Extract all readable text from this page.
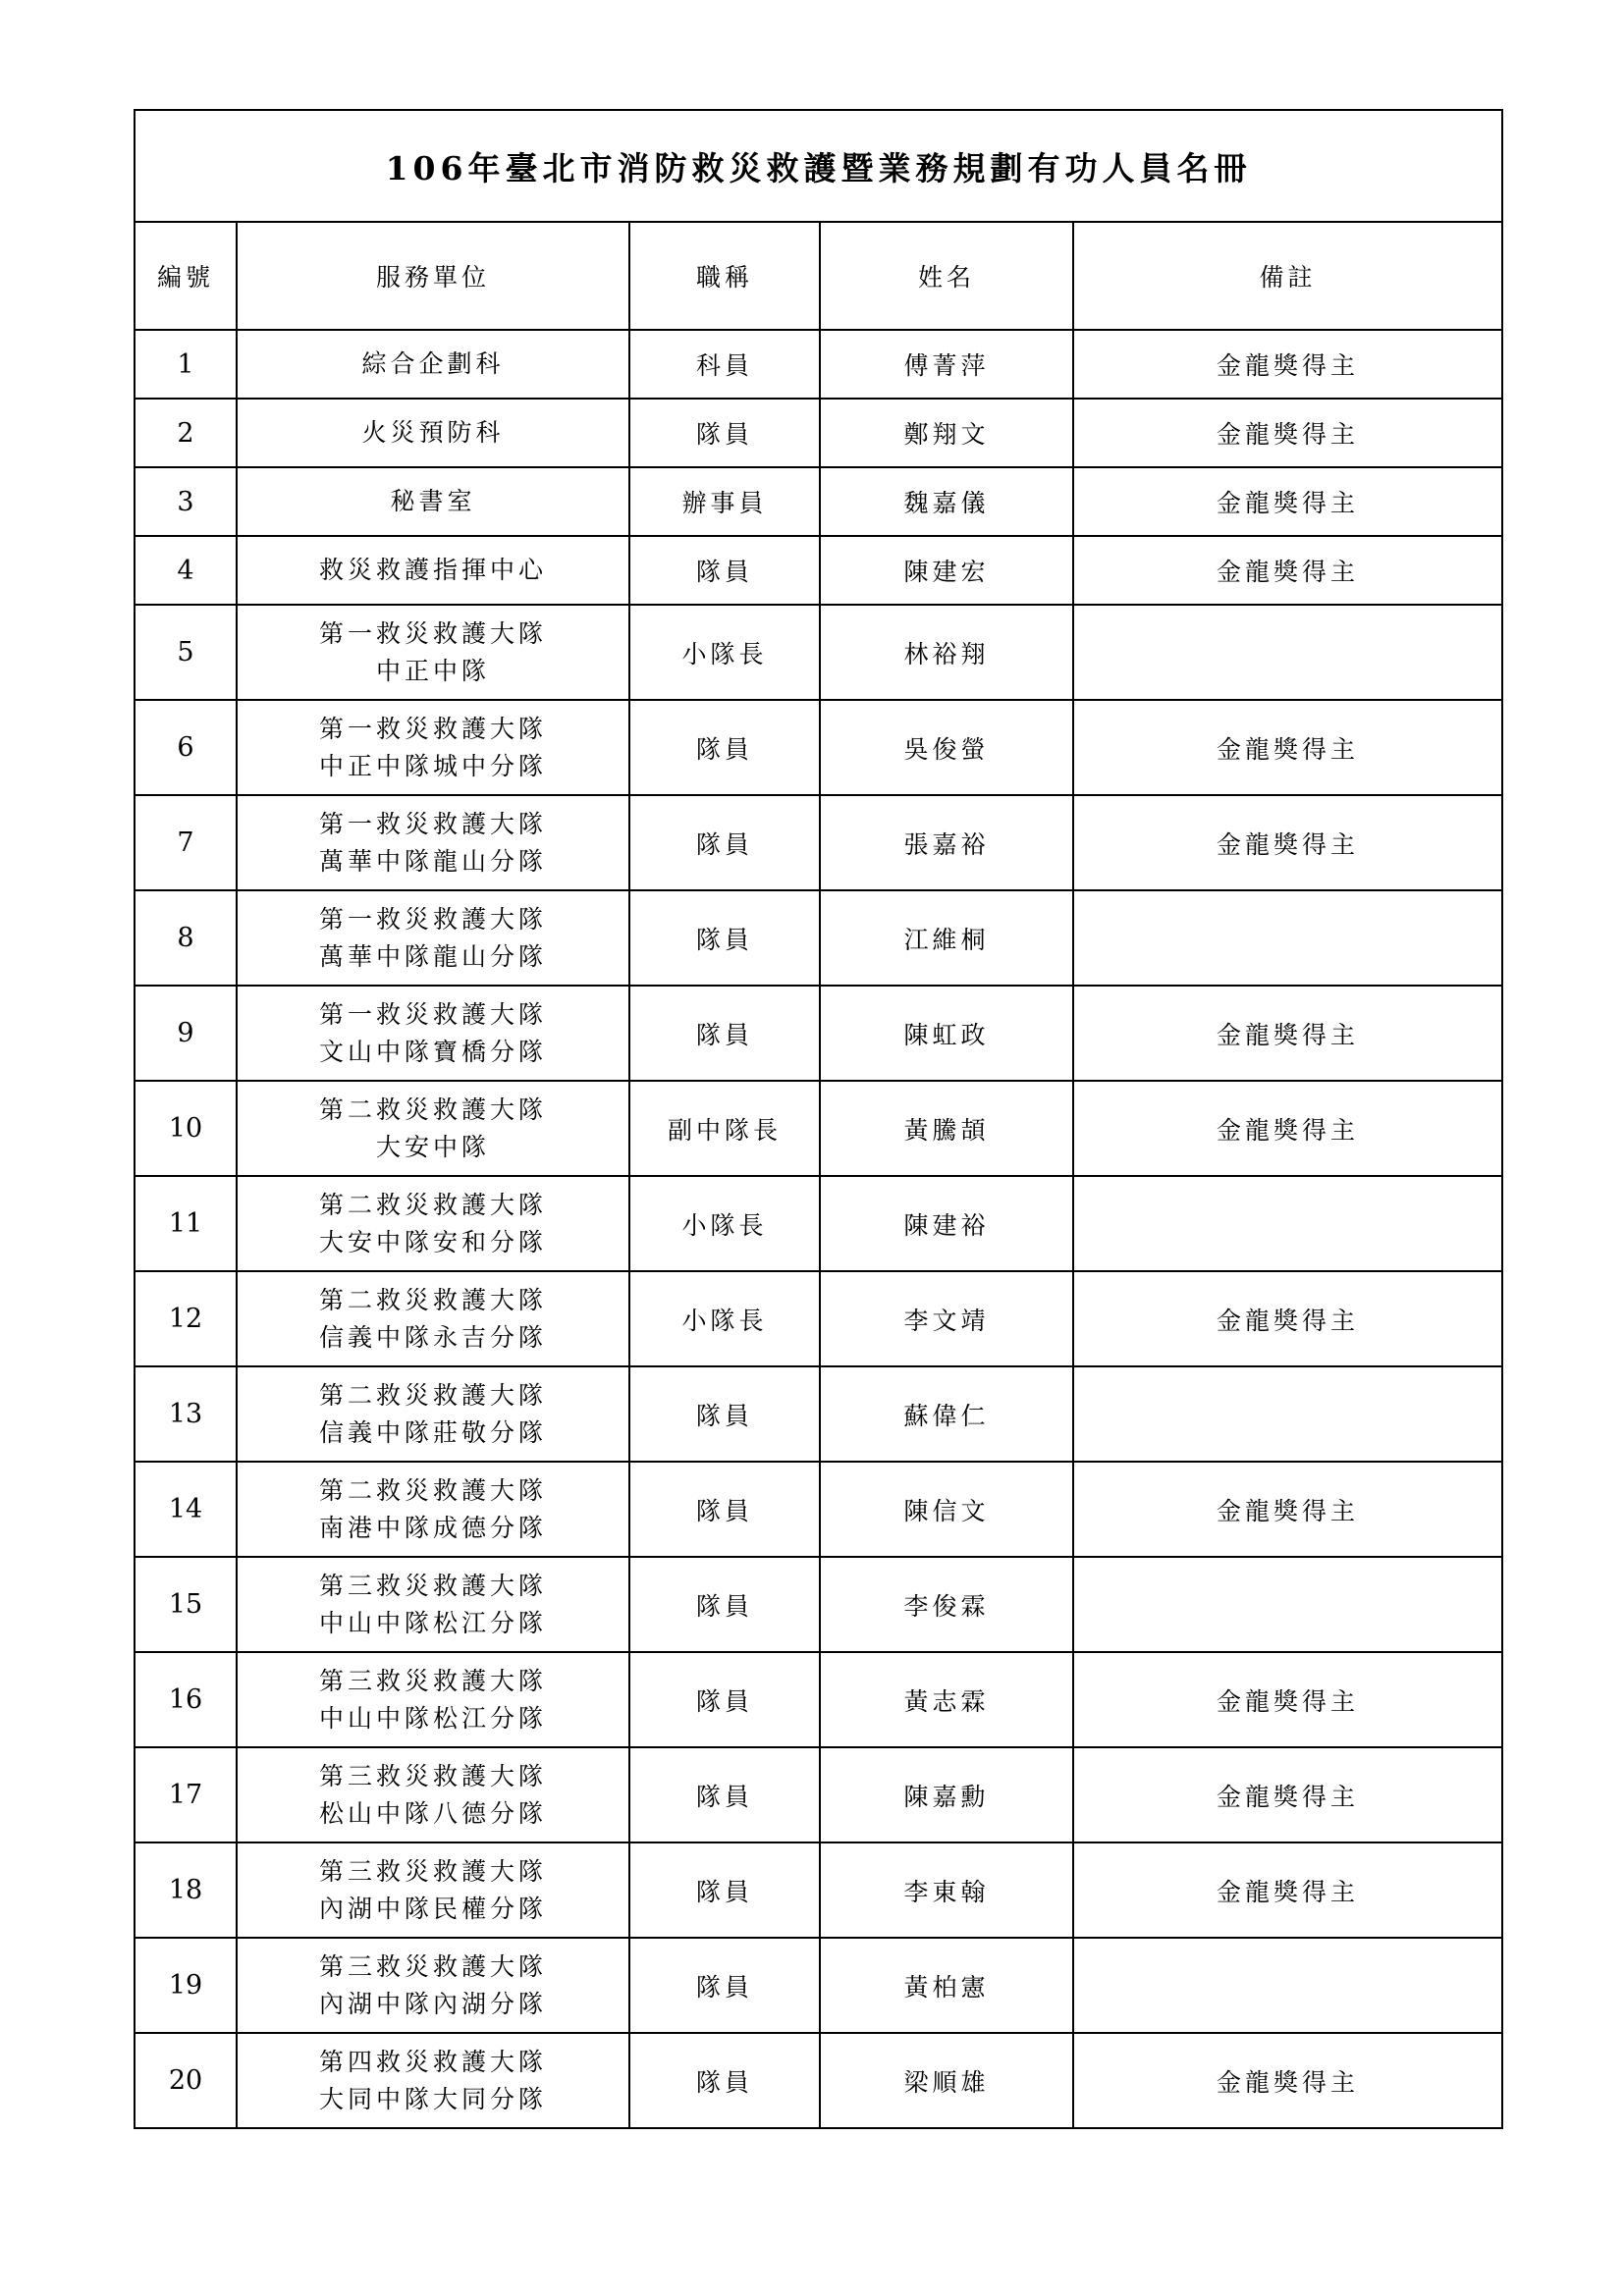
106年臺北市消防救災救護暨業務規劃有功人員名冊				
編號	服務單位	職稱	姓名	備註
1	綜合企劃科	科員	傅菁萍	金龍獎得主
2	火災預防科	隊員	鄭翔文	金龍獎得主
3	秘書室	辦事員	魏嘉儀	金龍獎得主
4	救災救護指揮中心	隊員	陳建宏	金龍獎得主
5	第一救災救護大隊
中正中隊	小隊長	林裕翔	
6	第一救災救護大隊
中正中隊城中分隊	隊員	吳俊螢	金龍獎得主
7	第一救災救護大隊
萬華中隊龍山分隊	隊員	張嘉裕	金龍獎得主
8	第一救災救護大隊
萬華中隊龍山分隊	隊員	江維桐	
9	第一救災救護大隊
文山中隊寶橋分隊	隊員	陳虹政	金龍獎得主
10	第二救災救護大隊
大安中隊	副中隊長	黃騰頡	金龍獎得主
11	第二救災救護大隊
大安中隊安和分隊	小隊長	陳建裕	
12	第二救災救護大隊
信義中隊永吉分隊	小隊長	李文靖	金龍獎得主
13	第二救災救護大隊
信義中隊莊敬分隊	隊員	蘇偉仁	
14	第二救災救護大隊
南港中隊成德分隊	隊員	陳信文	金龍獎得主
15	第三救災救護大隊
中山中隊松江分隊	隊員	李俊霖	
16	第三救災救護大隊
中山中隊松江分隊	隊員	黃志霖	金龍獎得主
17	第三救災救護大隊
松山中隊八德分隊	隊員	陳嘉勳	金龍獎得主
18	第三救災救護大隊
內湖中隊民權分隊	隊員	李東翰	金龍獎得主
19	第三救災救護大隊
內湖中隊內湖分隊	隊員	黃柏憲	
20	第四救災救護大隊
大同中隊大同分隊	隊員	梁順雄	金龍獎得主
